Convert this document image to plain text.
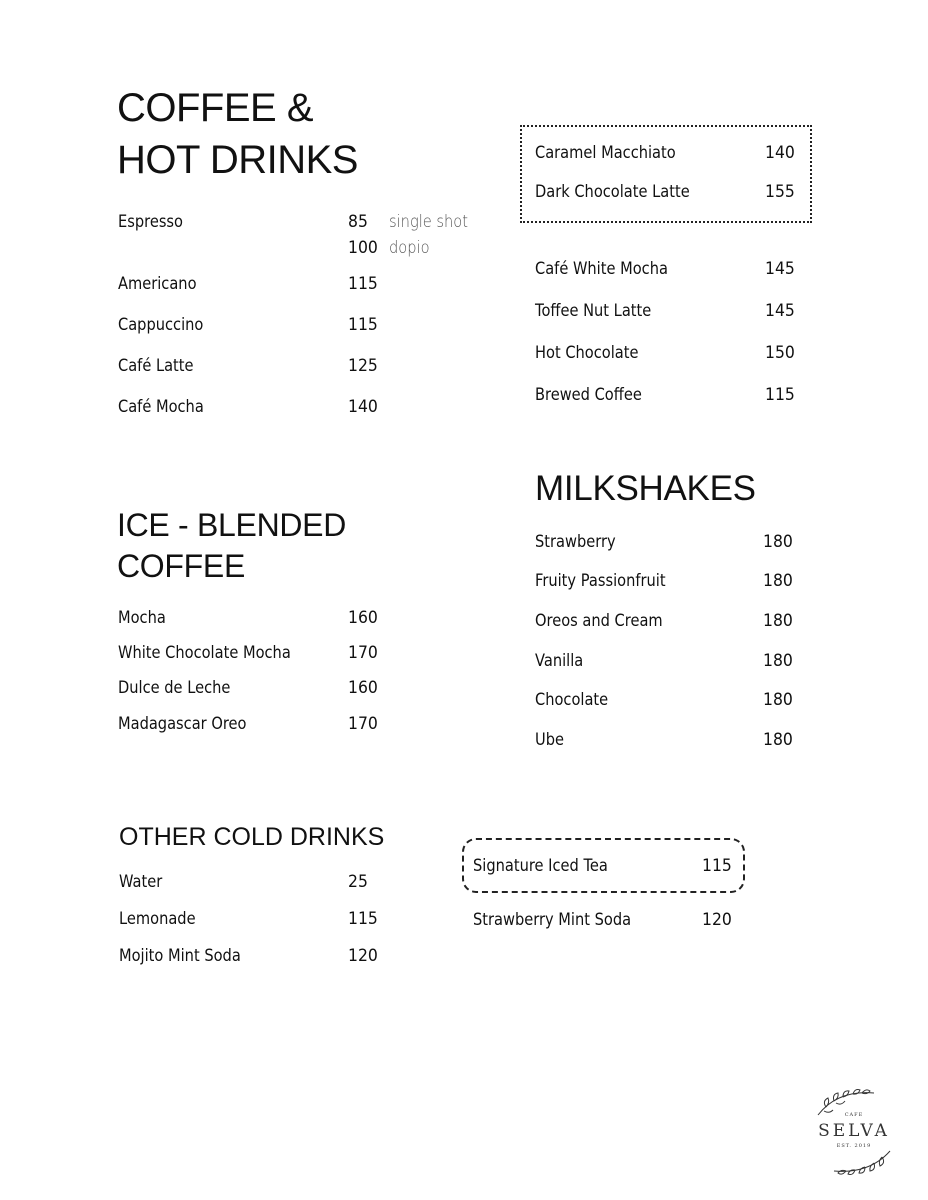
COFFEE &
HOT DRINKS
Espresso	85 single shot
100 dopio
Americano	115
Cappuccino	115
Café Latte	125
Café Mocha	140
Caramel Macchiato	140
Dark Chocolate Latte	155
Café White Mocha	145
Toffee Nut Latte	145
Hot Chocolate	150
Brewed Coffee	115
ICE - BLENDED
COFFEE
Mocha	160
White Chocolate Mocha	170
Dulce de Leche	160
Madagascar Oreo	170
MILKSHAKES
Strawberry	180
Fruity Passionfruit	180
Oreos and Cream	180
Vanilla	180
Chocolate	180
Ube	180
OTHER COLD DRINKS
Water	25
Lemonade	115
Mojito Mint Soda	120
Signature Iced Tea	115
Strawberry Mint Soda	120
CAFE
SELVA
EST. 2019
